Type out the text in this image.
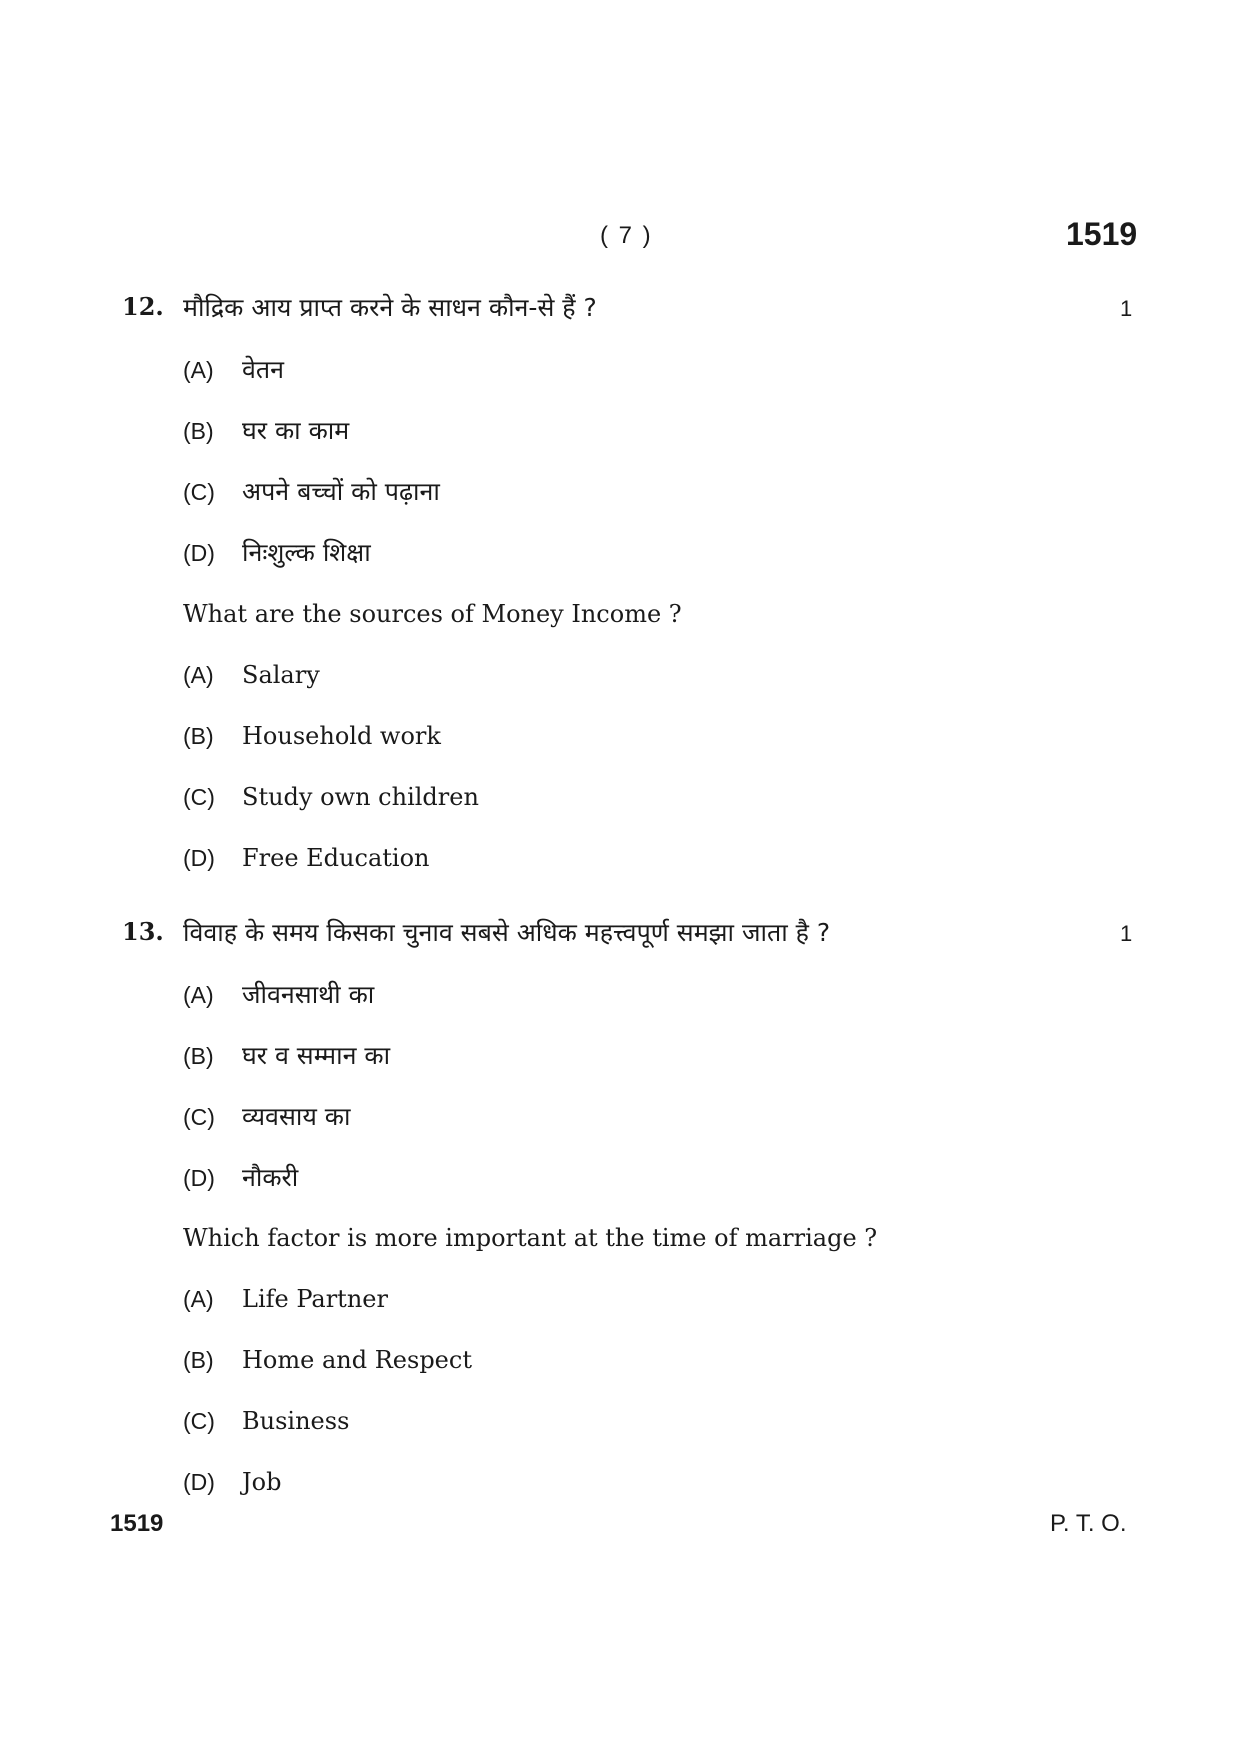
( 7 )	1519
12. मौद्रिक आय प्राप्त करने के साधन कौन-से हैं ?	1
(A) वेतन
(B) घर का काम
(C) अपने बच्चों को पढ़ाना
(D) निःशुल्क शिक्षा
What are the sources of Money Income ?
(A) Salary
(B) Household work
(C) Study own children
(D) Free Education
13. विवाह के समय किसका चुनाव सबसे अधिक महत्त्वपूर्ण समझा जाता है ?	1
(A) जीवनसाथी का
(B) घर व सम्मान का
(C) व्यवसाय का
(D) नौकरी
Which factor is more important at the time of marriage ?
(A) Life Partner
(B) Home and Respect
(C) Business
(D) Job
1519	P. T. O.
